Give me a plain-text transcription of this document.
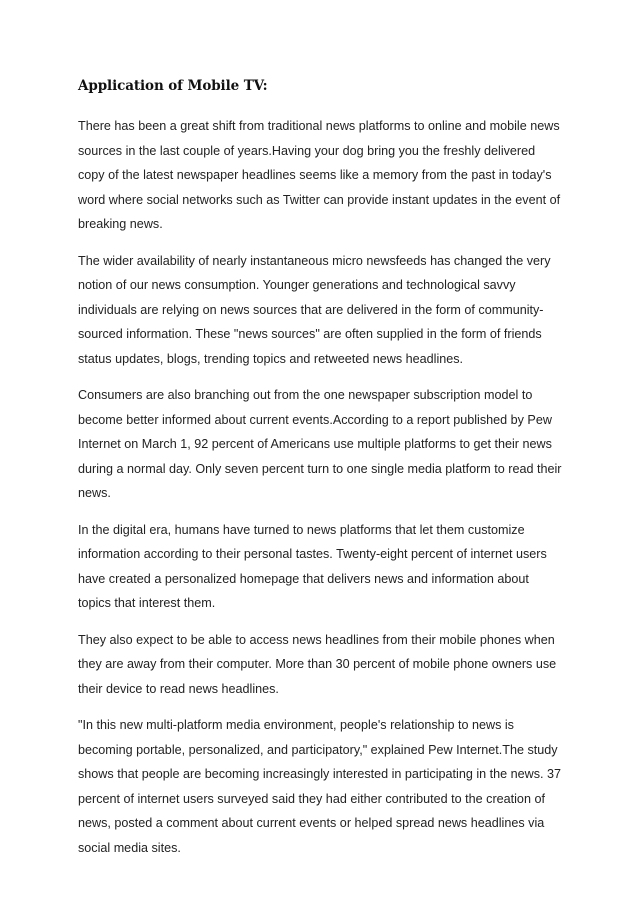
Application of Mobile TV:

There has been a great shift from traditional news platforms to online and mobile news sources in the last couple of years.Having your dog bring you the freshly delivered copy of the latest newspaper headlines seems like a memory from the past in today's word where social networks such as Twitter can provide instant updates in the event of breaking news.

The wider availability of nearly instantaneous micro newsfeeds has changed the very notion of our news consumption. Younger generations and technological savvy individuals are relying on news sources that are delivered in the form of community-sourced information. These "news sources" are often supplied in the form of friends status updates, blogs, trending topics and retweeted news headlines.

Consumers are also branching out from the one newspaper subscription model to become better informed about current events.According to a report published by Pew Internet on March 1, 92 percent of Americans use multiple platforms to get their news during a normal day. Only seven percent turn to one single media platform to read their news.

In the digital era, humans have turned to news platforms that let them customize information according to their personal tastes. Twenty-eight percent of internet users have created a personalized homepage that delivers news and information about topics that interest them.

They also expect to be able to access news headlines from their mobile phones when they are away from their computer. More than 30 percent of mobile phone owners use their device to read news headlines.

"In this new multi-platform media environment, people's relationship to news is becoming portable, personalized, and participatory," explained Pew Internet.The study shows that people are becoming increasingly interested in participating in the news. 37 percent of internet users surveyed said they had either contributed to the creation of news, posted a comment about current events or helped spread news headlines via social media sites.
